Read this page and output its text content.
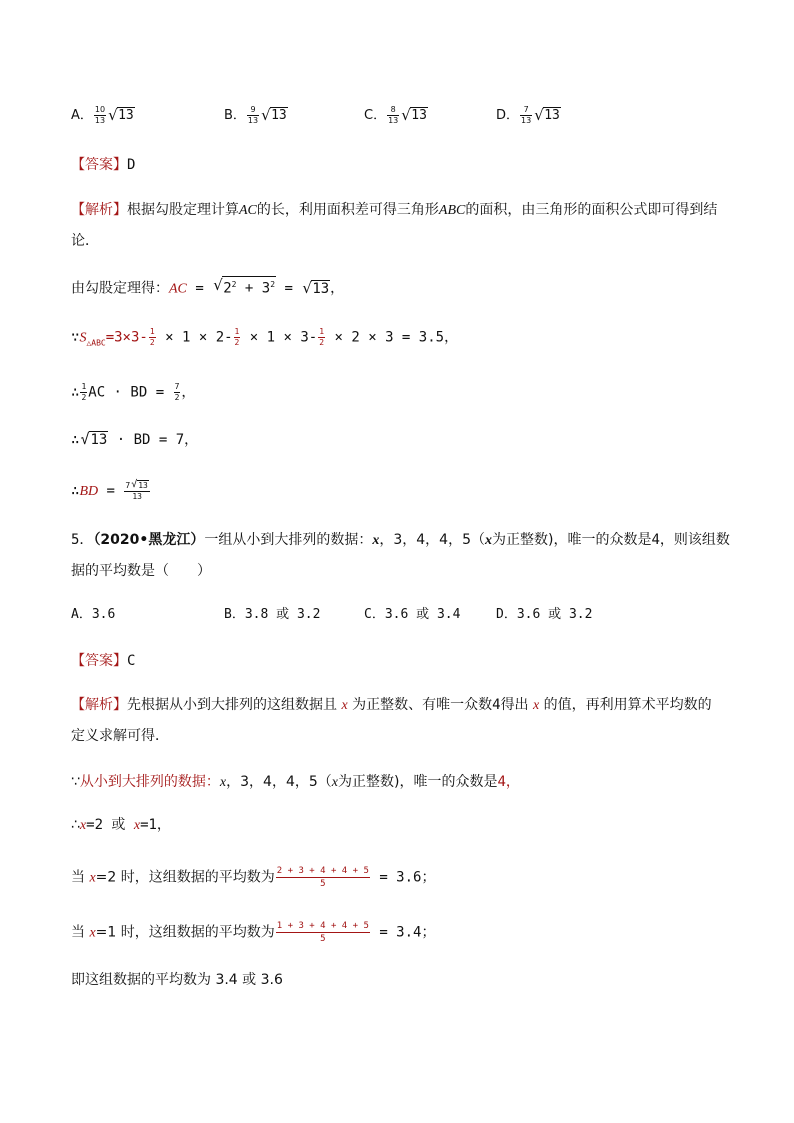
A． $\frac{10}{13}$ √ 13	B． $\frac{9}{13}$ √ 13	C． $\frac{8}{13}$ √ 13	D． $\frac{7}{13}$ √ 13
【答案】D
【解析】根据勾股定理计算AC的长，利用面积差可得三角形ABC的面积，由三角形的面积公式即可得到结
论．
由勾股定理得：AC = √ $2^2 + 3^2$ = √ 13，
$\because S_{\triangle ABC}=3\times 3- \frac{1}{2} \times 1 \times 2- \frac{1}{2} \times 1 \times 3- \frac{1}{2} \times 2 \times 3 = 3.5$，
∴ $\frac{1}{2}$ AC · BD = $\frac{7}{2}$ ，
∴ √ 13 · BD = 7，
∴BD = $\frac{7 √ 13}{13}$
5．（2020•黑龙江）一组从小到大排列的数据：x，3，4，4，5（x为正整数)，唯一的众数是4，则该组数
据的平均数是（　　）
A．3.6	B．3.8 或 3.2	C．3.6 或 3.4	D．3.6 或 3.2
【答案】C
【解析】先根据从小到大排列的这组数据且 x 为正整数、有唯一众数4得出 x 的值，再利用算术平均数的
定义求解可得．
∵从小到大排列的数据：x，3，4，4，5（x为正整数)，唯一的众数是4，
∴x=2 或 x=1，
当 x=2 时，这组数据的平均数为 $\frac{2 + 3 + 4 + 4 + 5}{5} = 3.6$；
当 x=1 时，这组数据的平均数为 $\frac{1 + 3 + 4 + 4 + 5}{5} = 3.4$；
即这组数据的平均数为 3.4 或 3.6
